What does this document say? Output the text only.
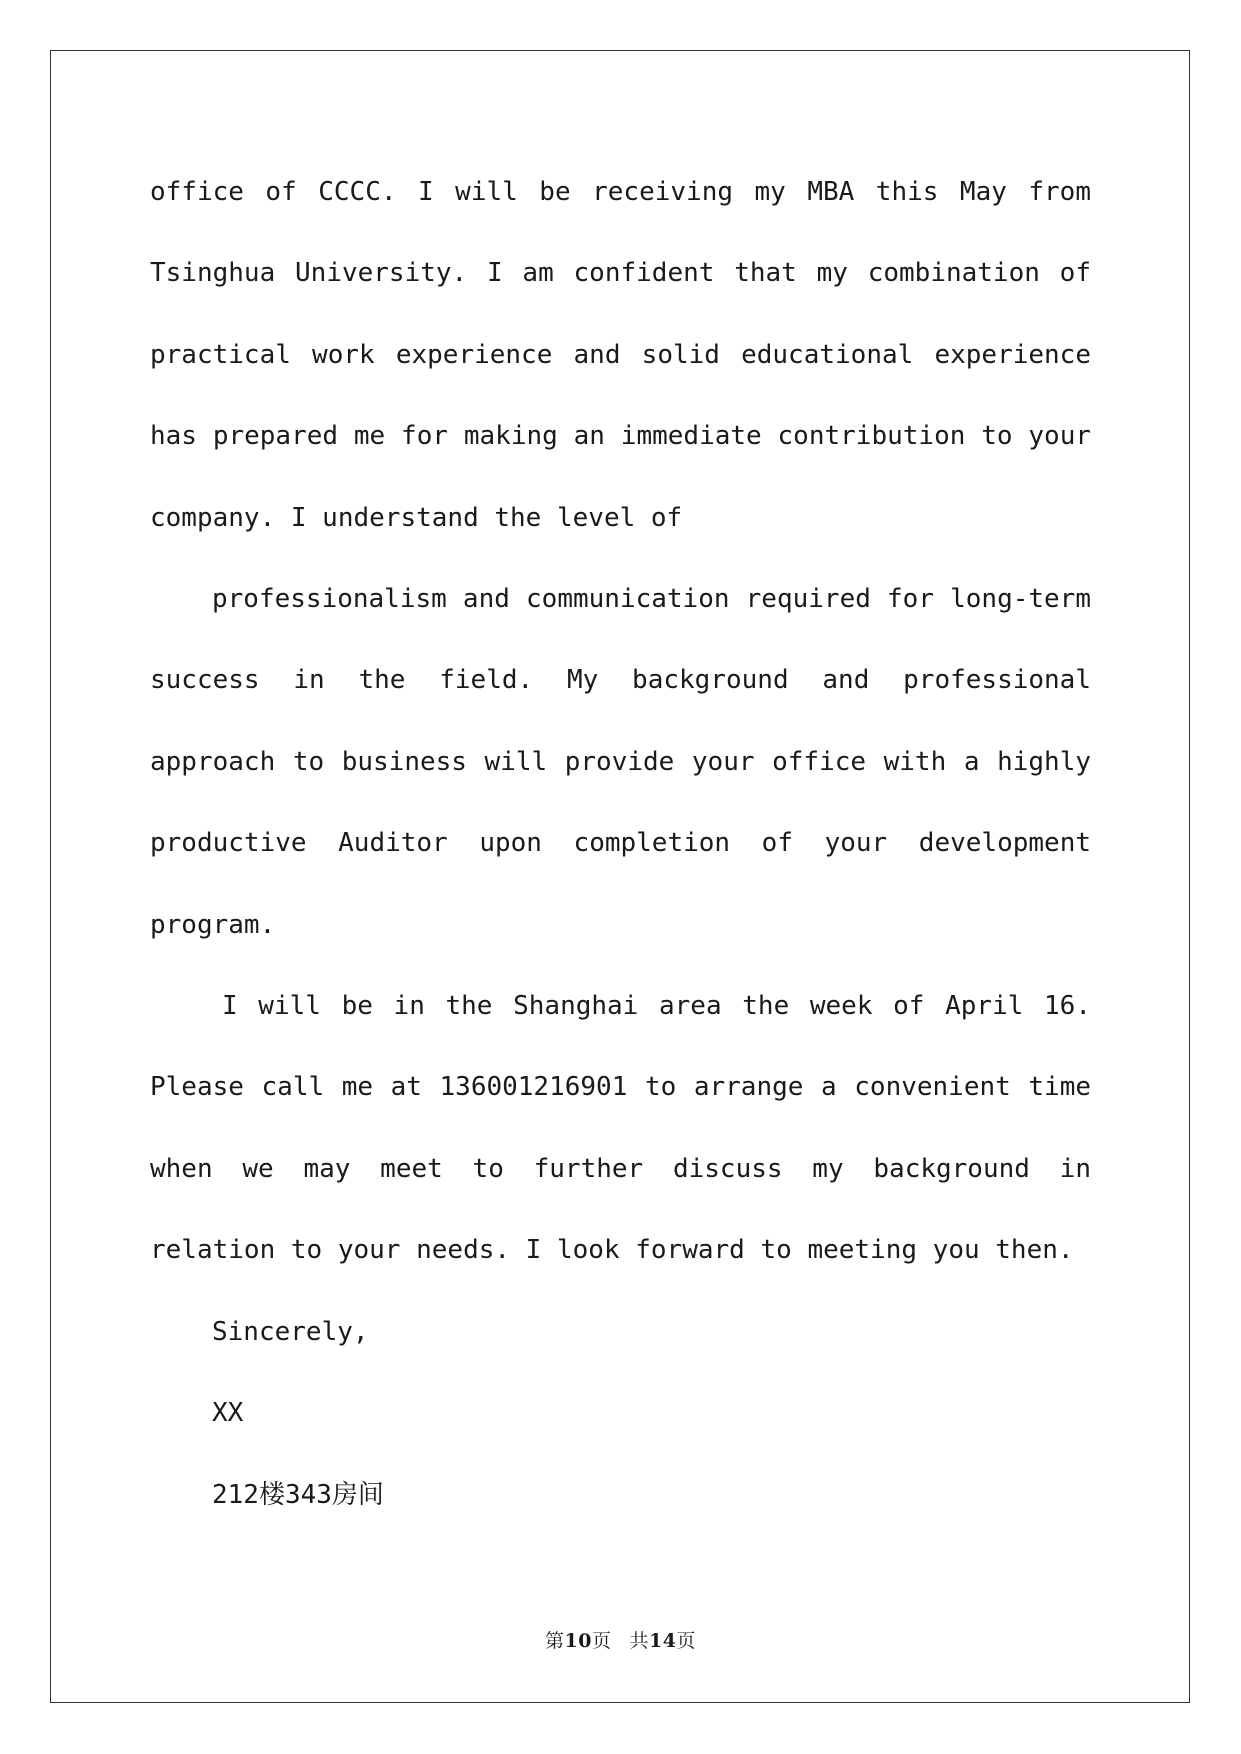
office of CCCC. I will be receiving my MBA this May from Tsinghua University. I am confident that my combination of practical work experience and solid educational experience has prepared me for making an immediate contribution to your company. I understand the level of

professionalism and communication required for long-term success in the field. My background and professional approach to business will provide your office with a highly productive Auditor upon completion of your development program.

I will be in the Shanghai area the week of April 16. Please call me at 136001216901 to arrange a convenient time when we may meet to further discuss my background in relation to your needs. I look forward to meeting you then.

Sincerely,

XX

212楼343房间

第10页 共14页
